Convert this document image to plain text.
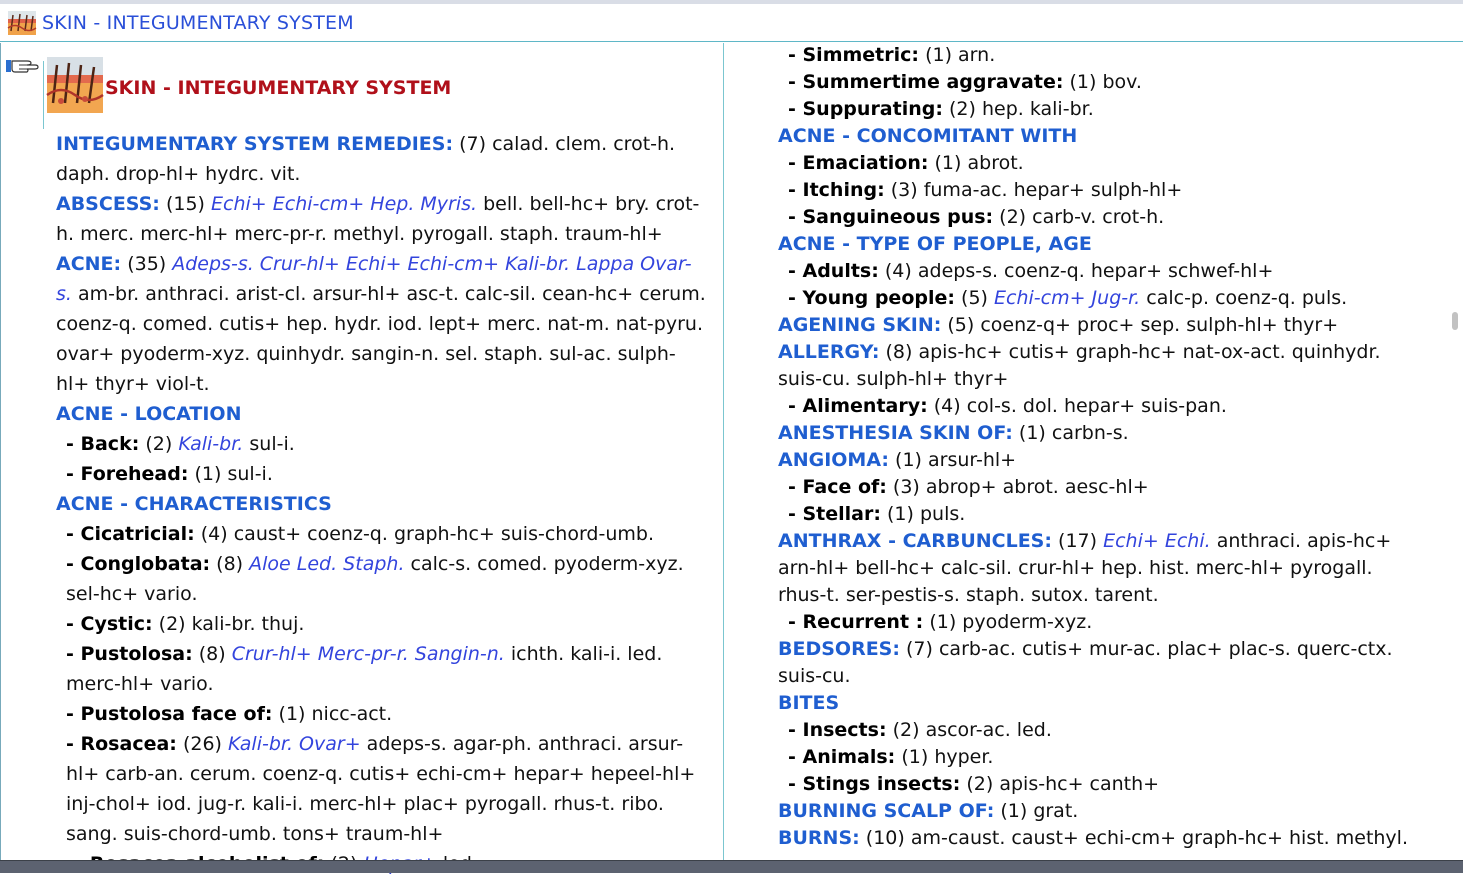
SKIN - INTEGUMENTARY SYSTEM
SKIN - INTEGUMENTARY SYSTEM

INTEGUMENTARY SYSTEM REMEDIES: (7) calad. clem. crot-h. daph. drop-hl+ hydrc. vit.

ABSCESS: (15) Echi+ Echi-cm+ Hep. Myris. bell. bell-hc+ bry. crot-h. merc. merc-hl+ merc-pr-r. methyl. pyrogall. staph. traum-hl+

ACNE: (35) Adeps-s. Crur-hl+ Echi+ Echi-cm+ Kali-br. Lappa Ovar-s. am-br. anthraci. arist-cl. arsur-hl+ asc-t. calc-sil. cean-hc+ cerum. coenz-q. comed. cutis+ hep. hydr. iod. lept+ merc. nat-m. nat-pyru. ovar+ pyoderm-xyz. quinhydr. sangin-n. sel. staph. sul-ac. sulph-hl+ thyr+ viol-t.

ACNE - LOCATION

- Back: (2) Kali-br. sul-i.

- Forehead: (1) sul-i.

ACNE - CHARACTERISTICS

- Cicatricial: (4) caust+ coenz-q. graph-hc+ suis-chord-umb.

- Conglobata: (8) Aloe Led. Staph. calc-s. comed. pyoderm-xyz. sel-hc+ vario.

- Cystic: (2) kali-br. thuj.

- Pustolosa: (8) Crur-hl+ Merc-pr-r. Sangin-n. ichth. kali-i. led. merc-hl+ vario.

- Pustolosa face of: (1) nicc-act.

- Rosacea: (26) Kali-br. Ovar+ adeps-s. agar-ph. anthraci. arsur-hl+ carb-an. cerum. coenz-q. cutis+ echi-cm+ hepar+ hepeel-hl+ inj-chol+ iod. jug-r. kali-i. merc-hl+ plac+ pyrogall. rhus-t. ribo. sang. suis-chord-umb. tons+ traum-hl+

- Simmetric: (1) arn.

- Summertime aggravate: (1) bov.

- Suppurating: (2) hep. kali-br.

ACNE - CONCOMITANT WITH

- Emaciation: (1) abrot.

- Itching: (3) fuma-ac. hepar+ sulph-hl+

- Sanguineous pus: (2) carb-v. crot-h.

ACNE - TYPE OF PEOPLE, AGE

- Adults: (4) adeps-s. coenz-q. hepar+ schwef-hl+

- Young people: (5) Echi-cm+ Jug-r. calc-p. coenz-q. puls.

AGENING SKIN: (5) coenz-q+ proc+ sep. sulph-hl+ thyr+

ALLERGY: (8) apis-hc+ cutis+ graph-hc+ nat-ox-act. quinhydr. suis-cu. sulph-hl+ thyr+

- Alimentary: (4) col-s. dol. hepar+ suis-pan.

ANESTHESIA SKIN OF: (1) carbn-s.

ANGIOMA: (1) arsur-hl+

- Face of: (3) abrop+ abrot. aesc-hl+

- Stellar: (1) puls.

ANTHRAX - CARBUNCLES: (17) Echi+ Echi. anthraci. apis-hc+ arn-hl+ bell-hc+ calc-sil. crur-hl+ hep. hist. merc-hl+ pyrogall. rhus-t. ser-pestis-s. staph. sutox. tarent.

- Recurrent : (1) pyoderm-xyz.

BEDSORES: (7) carb-ac. cutis+ mur-ac. plac+ plac-s. querc-ctx. suis-cu.

BITES

- Insects: (2) ascor-ac. led.

- Animals: (1) hyper.

- Stings insects: (2) apis-hc+ canth+

BURNING SCALP OF: (1) grat.

BURNS: (10) am-caust. caust+ echi-cm+ graph-hc+ hist. methyl.
